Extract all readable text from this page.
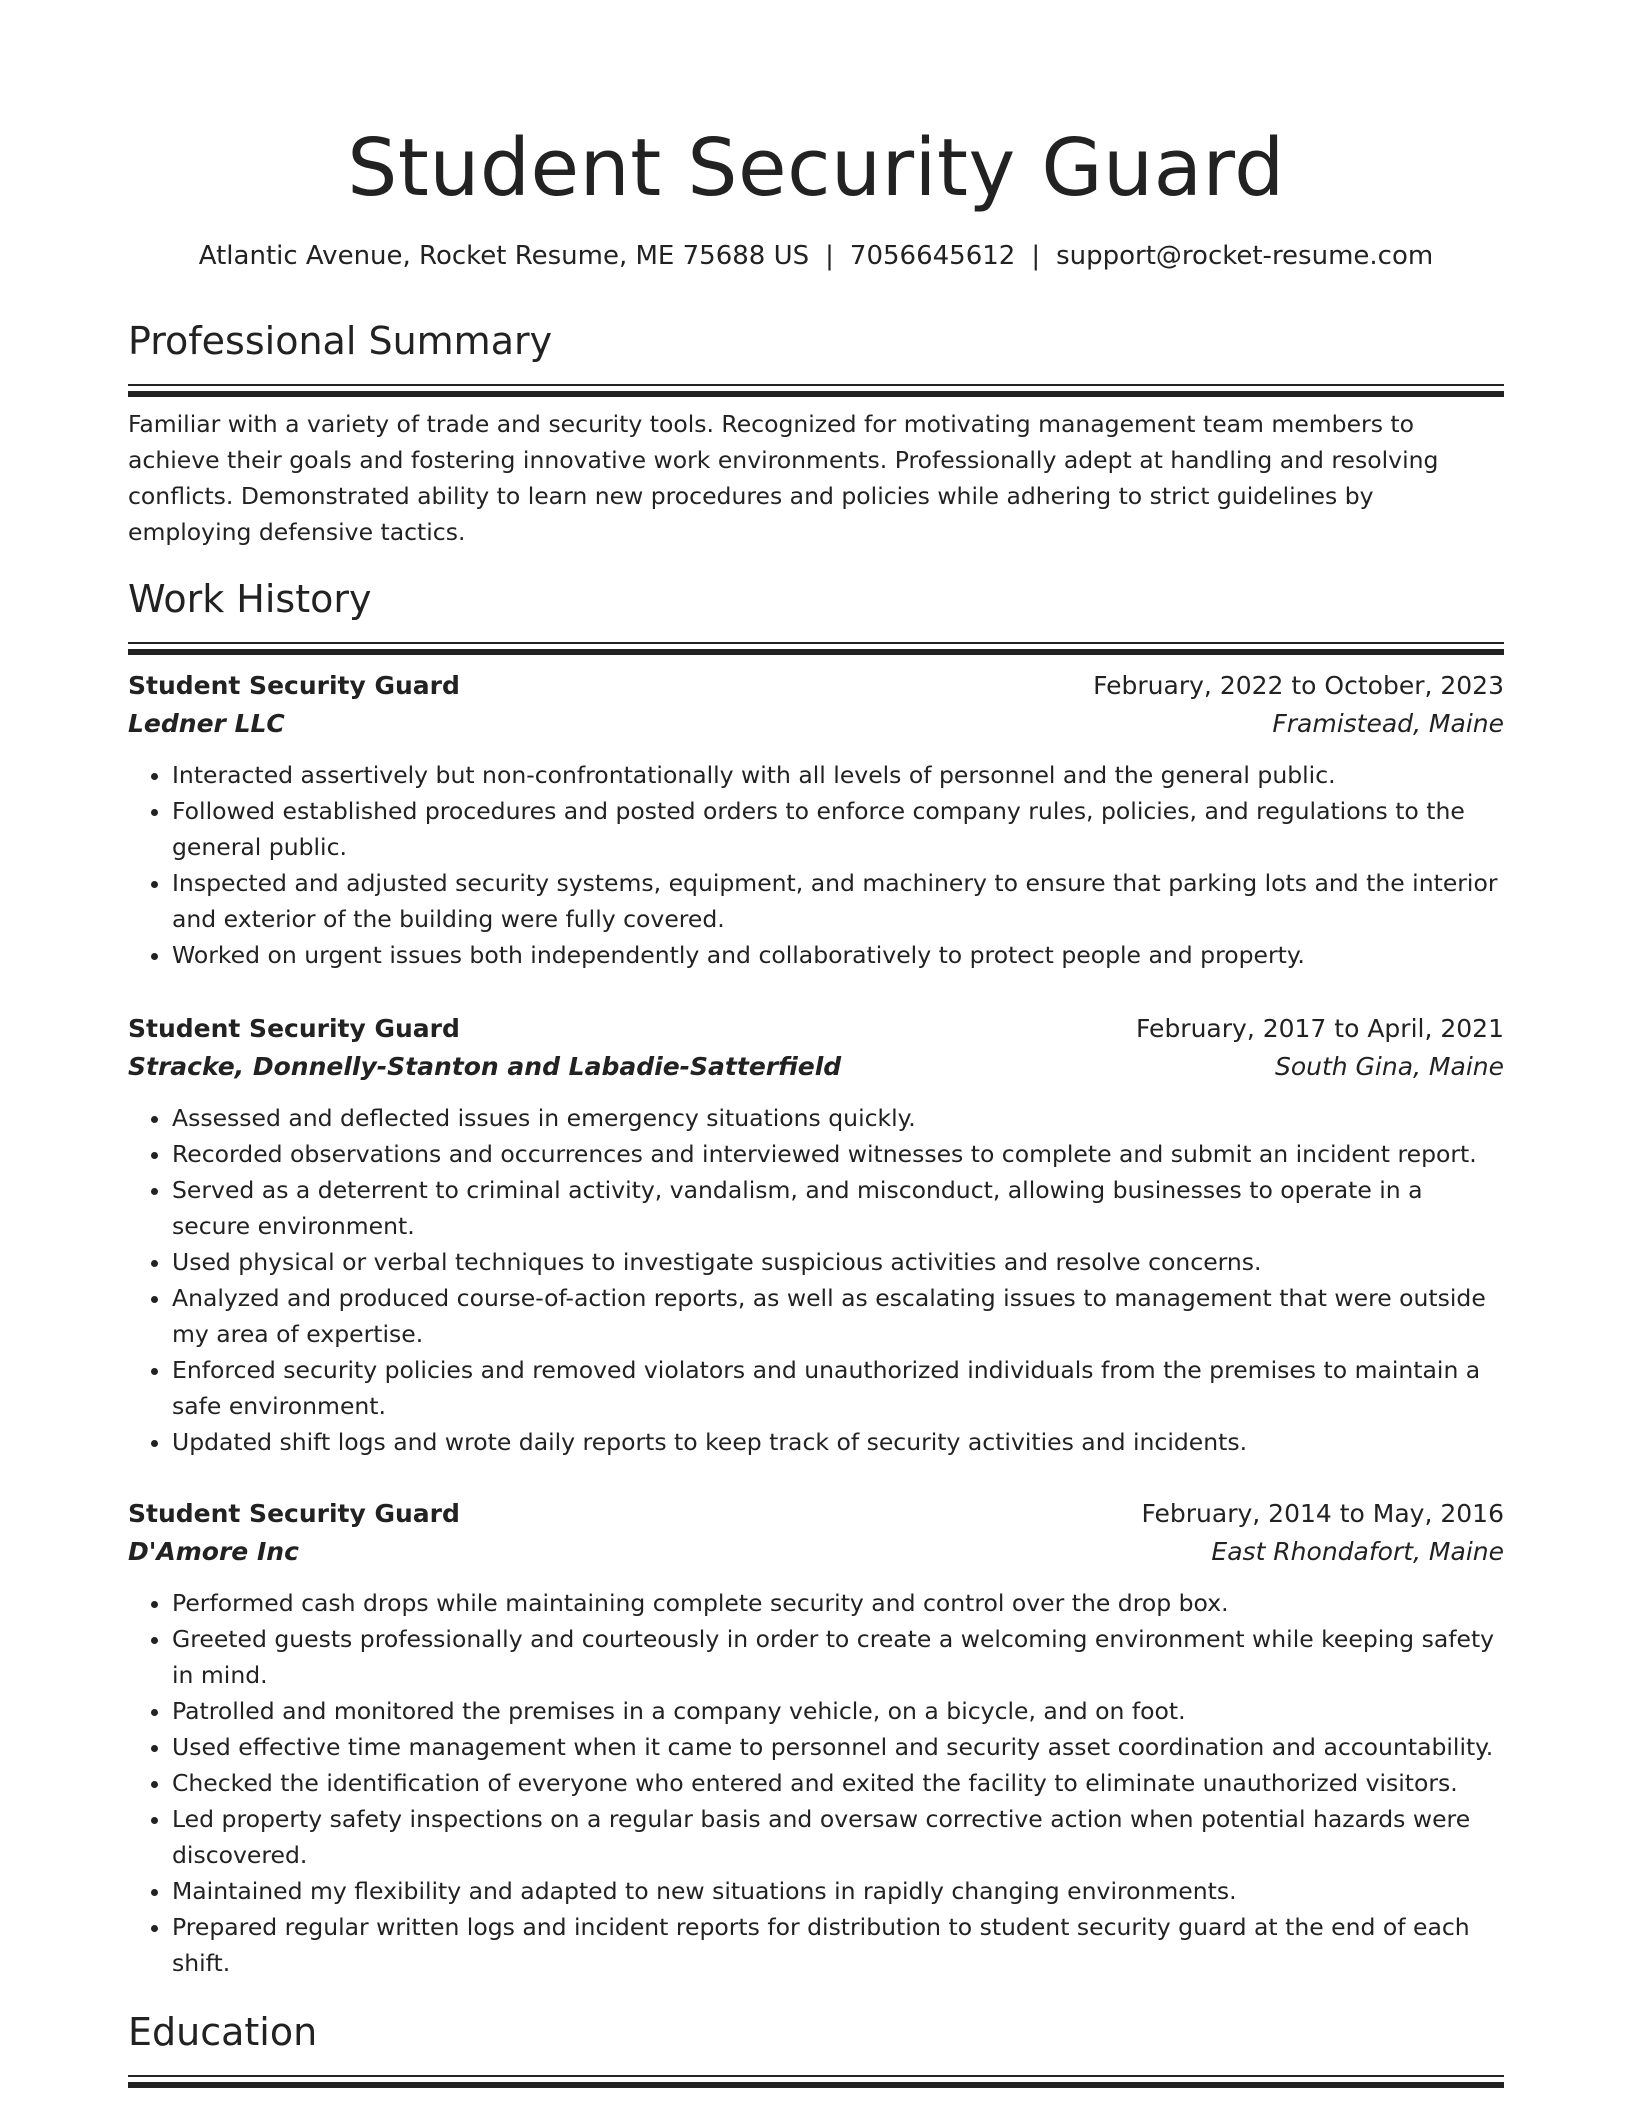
Student Security Guard
Atlantic Avenue, Rocket Resume, ME 75688 US | 7056645612 | support@rocket-resume.com
Professional Summary

Familiar with a variety of trade and security tools. Recognized for motivating management team members to achieve their goals and fostering innovative work environments. Professionally adept at handling and resolving conflicts. Demonstrated ability to learn new procedures and policies while adhering to strict guidelines by employing defensive tactics.

Work History
Student Security Guard	February, 2022 to October, 2023
Ledner LLC	Framistead, Maine
• Interacted assertively but non-confrontationally with all levels of personnel and the general public.
• Followed established procedures and posted orders to enforce company rules, policies, and regulations to the general public.
• Inspected and adjusted security systems, equipment, and machinery to ensure that parking lots and the interior and exterior of the building were fully covered.
• Worked on urgent issues both independently and collaboratively to protect people and property.
Student Security Guard	February, 2017 to April, 2021
Stracke, Donnelly-Stanton and Labadie-Satterfield	South Gina, Maine
• Assessed and deflected issues in emergency situations quickly.
• Recorded observations and occurrences and interviewed witnesses to complete and submit an incident report.
• Served as a deterrent to criminal activity, vandalism, and misconduct, allowing businesses to operate in a secure environment.
• Used physical or verbal techniques to investigate suspicious activities and resolve concerns.
• Analyzed and produced course-of-action reports, as well as escalating issues to management that were outside my area of expertise.
• Enforced security policies and removed violators and unauthorized individuals from the premises to maintain a safe environment.
• Updated shift logs and wrote daily reports to keep track of security activities and incidents.
Student Security Guard	February, 2014 to May, 2016
D'Amore Inc	East Rhondafort, Maine
• Performed cash drops while maintaining complete security and control over the drop box.
• Greeted guests professionally and courteously in order to create a welcoming environment while keeping safety in mind.
• Patrolled and monitored the premises in a company vehicle, on a bicycle, and on foot.
• Used effective time management when it came to personnel and security asset coordination and accountability.
• Checked the identification of everyone who entered and exited the facility to eliminate unauthorized visitors.
• Led property safety inspections on a regular basis and oversaw corrective action when potential hazards were discovered.
• Maintained my flexibility and adapted to new situations in rapidly changing environments.
• Prepared regular written logs and incident reports for distribution to student security guard at the end of each shift.
Education
